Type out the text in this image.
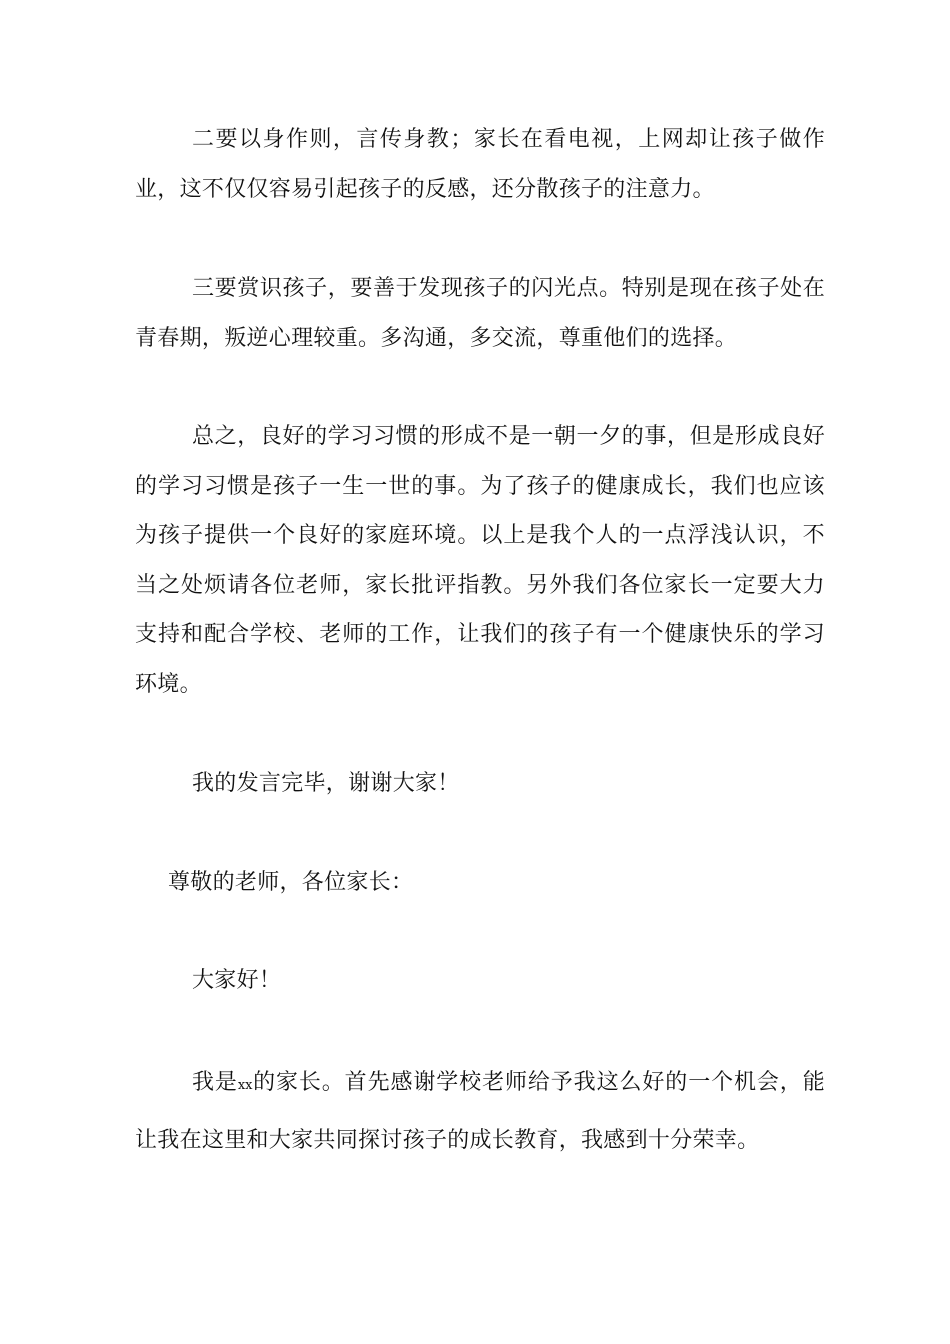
二要以身作则，言传身教；家长在看电视，上网却让孩子做作业，这不仅仅容易引起孩子的反感，还分散孩子的注意力。

三要赏识孩子，要善于发现孩子的闪光点。特别是现在孩子处在青春期，叛逆心理较重。多沟通，多交流，尊重他们的选择。

总之，良好的学习习惯的形成不是一朝一夕的事，但是形成良好的学习习惯是孩子一生一世的事。为了孩子的健康成长，我们也应该为孩子提供一个良好的家庭环境。以上是我个人的一点浮浅认识，不当之处烦请各位老师，家长批评指教。另外我们各位家长一定要大力支持和配合学校、老师的工作，让我们的孩子有一个健康快乐的学习环境。

我的发言完毕，谢谢大家！

尊敬的老师，各位家长：

大家好！

我是xx的家长。首先感谢学校老师给予我这么好的一个机会，能让我在这里和大家共同探讨孩子的成长教育，我感到十分荣幸。
